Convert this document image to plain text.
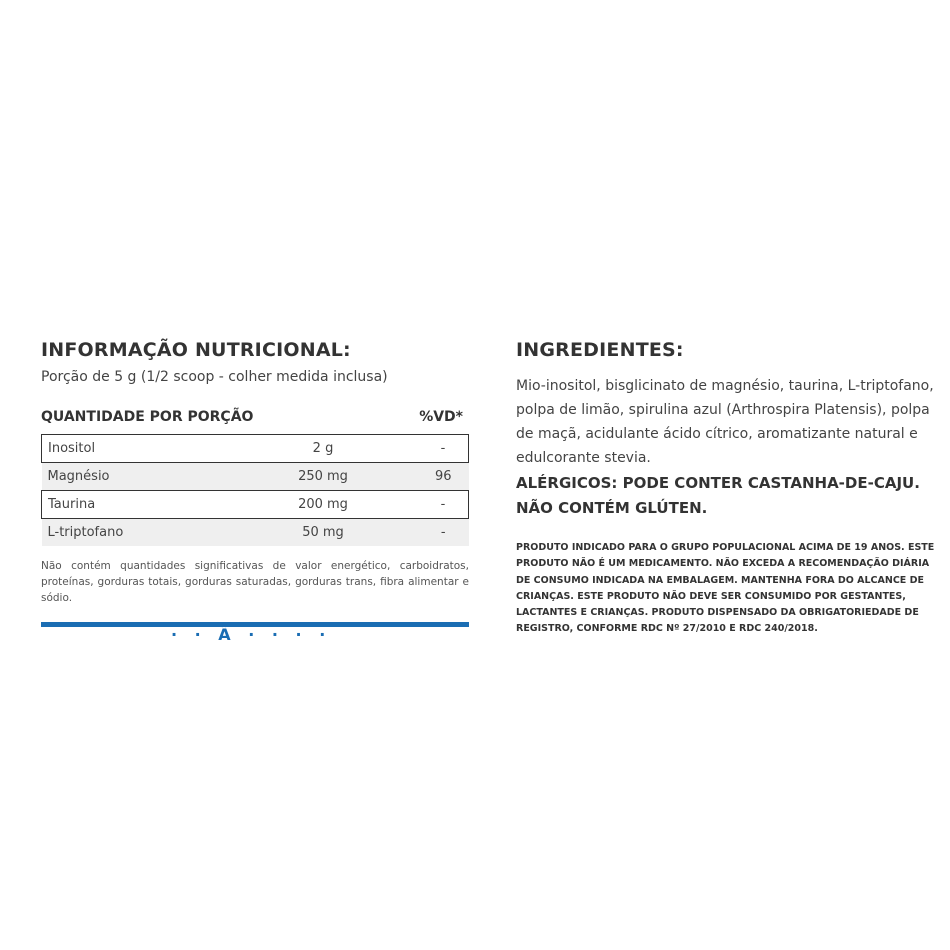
INFORMAÇÃO NUTRICIONAL:
Porção de 5 g (1/2 scoop - colher medida inclusa)
QUANTIDADE POR PORÇÃO	%VD*
Inositol	2 g	-
Magnésio	250 mg	96
Taurina	200 mg	-
L-triptofano	50 mg	-
Não contém quantidades significativas de valor energético, carboidratos, proteínas, gorduras totais, gorduras saturadas, gorduras trans, fibra alimentar e sódio.
· · Ã · · · ·
INGREDIENTES:
Mio-inositol, bisglicinato de magnésio, taurina, L-triptofano, polpa de limão, spirulina azul (Arthrospira Platensis), polpa de maçã, acidulante ácido cítrico, aromatizante natural e edulcorante stevia.
ALÉRGICOS: PODE CONTER CASTANHA-DE-CAJU.
NÃO CONTÉM GLÚTEN.
PRODUTO INDICADO PARA O GRUPO POPULACIONAL ACIMA DE 19 ANOS. ESTE PRODUTO NÃO É UM MEDICAMENTO. NÃO EXCEDA A RECOMENDAÇÃO DIÁRIA DE CONSUMO INDICADA NA EMBALAGEM. MANTENHA FORA DO ALCANCE DE CRIANÇAS. ESTE PRODUTO NÃO DEVE SER CONSUMIDO POR GESTANTES, LACTANTES E CRIANÇAS. PRODUTO DISPENSADO DA OBRIGATORIEDADE DE REGISTRO, CONFORME RDC Nº 27/2010 E RDC 240/2018.
